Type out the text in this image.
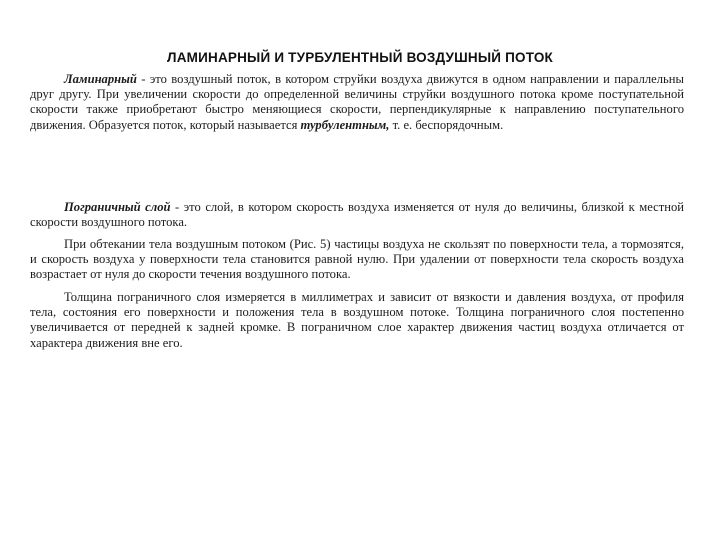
ЛАМИНАРНЫЙ И ТУРБУЛЕНТНЫЙ ВОЗДУШНЫЙ ПОТОК

Ламинарный - это воздушный поток, в котором струйки воздуха движутся в одном направлении и параллельны друг другу. При увеличении скорости до определенной величины струйки воздушного потока кроме поступательной скорости также приобретают быстро меняющиеся скорости, перпендикулярные к направлению поступательного движения. Образуется поток, который называется турбулентным, т. е. беспорядочным.

Пограничный слой - это слой, в котором скорость воздуха изменяется от нуля до величины, близкой к местной скорости воздушного потока.

При обтекании тела воздушным потоком (Рис. 5) частицы воздуха не скользят по поверхности тела, а тормозятся, и скорость воздуха у поверхности тела становится равной нулю. При удалении от поверхности тела скорость воздуха возрастает от нуля до скорости течения воздушного потока.

Толщина пограничного слоя измеряется в миллиметрах и зависит от вязкости и давления воздуха, от профиля тела, состояния его поверхности и положения тела в воздушном потоке. Толщина пограничного слоя постепенно увеличивается от передней к задней кромке. В пограничном слое характер движения частиц воздуха отличается от характера движения вне его.
